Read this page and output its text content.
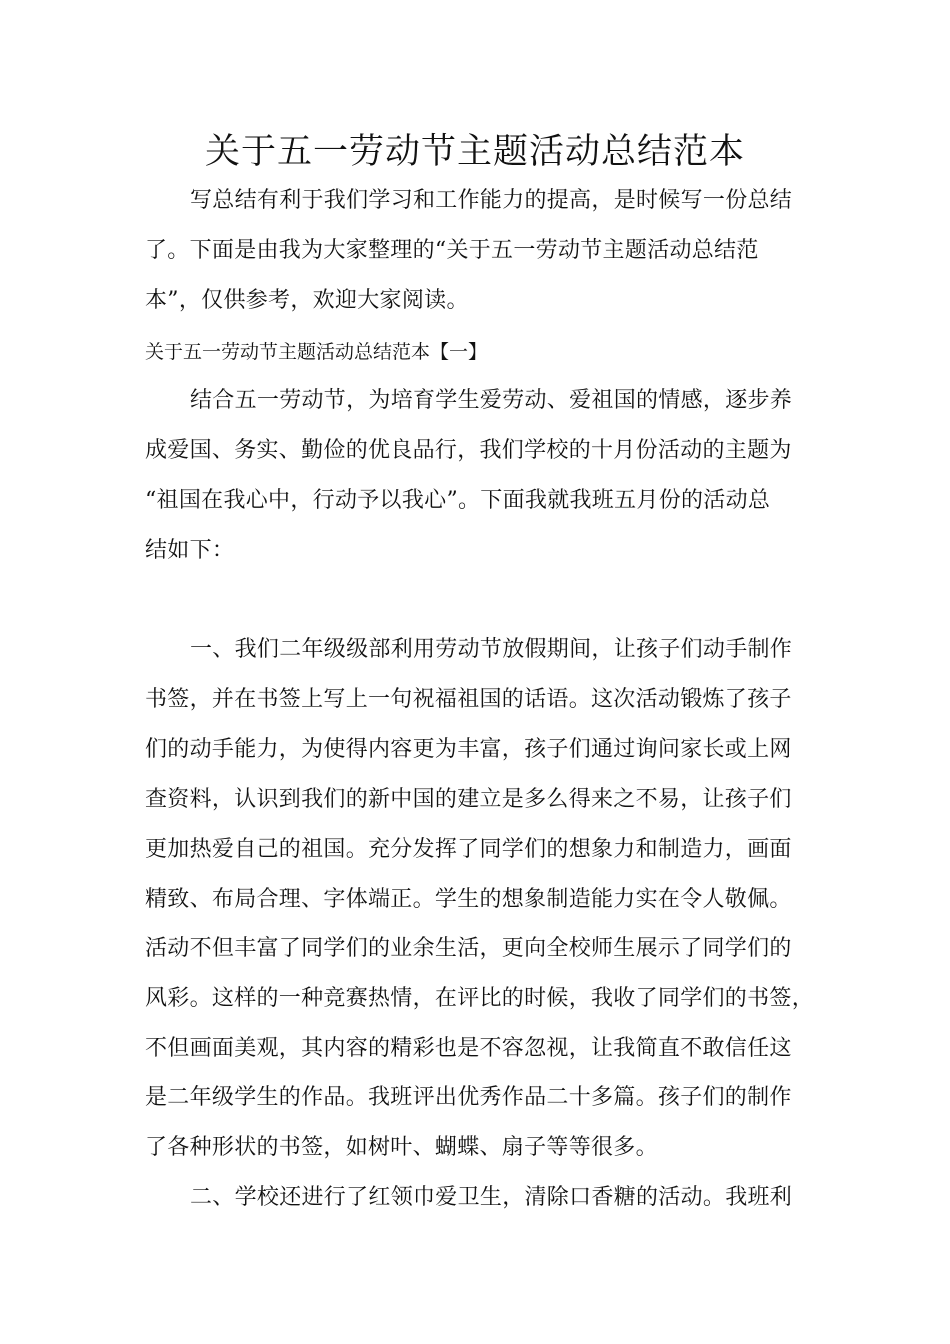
关于五一劳动节主题活动总结范本
写总结有利于我们学习和工作能力的提高，是时候写一份总结
了。下面是由我为大家整理的“关于五一劳动节主题活动总结范
本”，仅供参考，欢迎大家阅读。
关于五一劳动节主题活动总结范本【一】
结合五一劳动节，为培育学生爱劳动、爱祖国的情感，逐步养
成爱国、务实、勤俭的优良品行，我们学校的十月份活动的主题为
“祖国在我心中，行动予以我心”。下面我就我班五月份的活动总
结如下：
一、我们二年级级部利用劳动节放假期间，让孩子们动手制作
书签，并在书签上写上一句祝福祖国的话语。这次活动锻炼了孩子
们的动手能力，为使得内容更为丰富，孩子们通过询问家长或上网
查资料，认识到我们的新中国的建立是多么得来之不易，让孩子们
更加热爱自己的祖国。充分发挥了同学们的想象力和制造力，画面
精致、布局合理、字体端正。学生的想象制造能力实在令人敬佩。
活动不但丰富了同学们的业余生活，更向全校师生展示了同学们的
风彩。这样的一种竞赛热情，在评比的时候，我收了同学们的书签，
不但画面美观，其内容的精彩也是不容忽视，让我简直不敢信任这
是二年级学生的作品。我班评出优秀作品二十多篇。孩子们的制作
了各种形状的书签，如树叶、蝴蝶、扇子等等很多。
二、学校还进行了红领巾爱卫生，清除口香糖的活动。我班利
